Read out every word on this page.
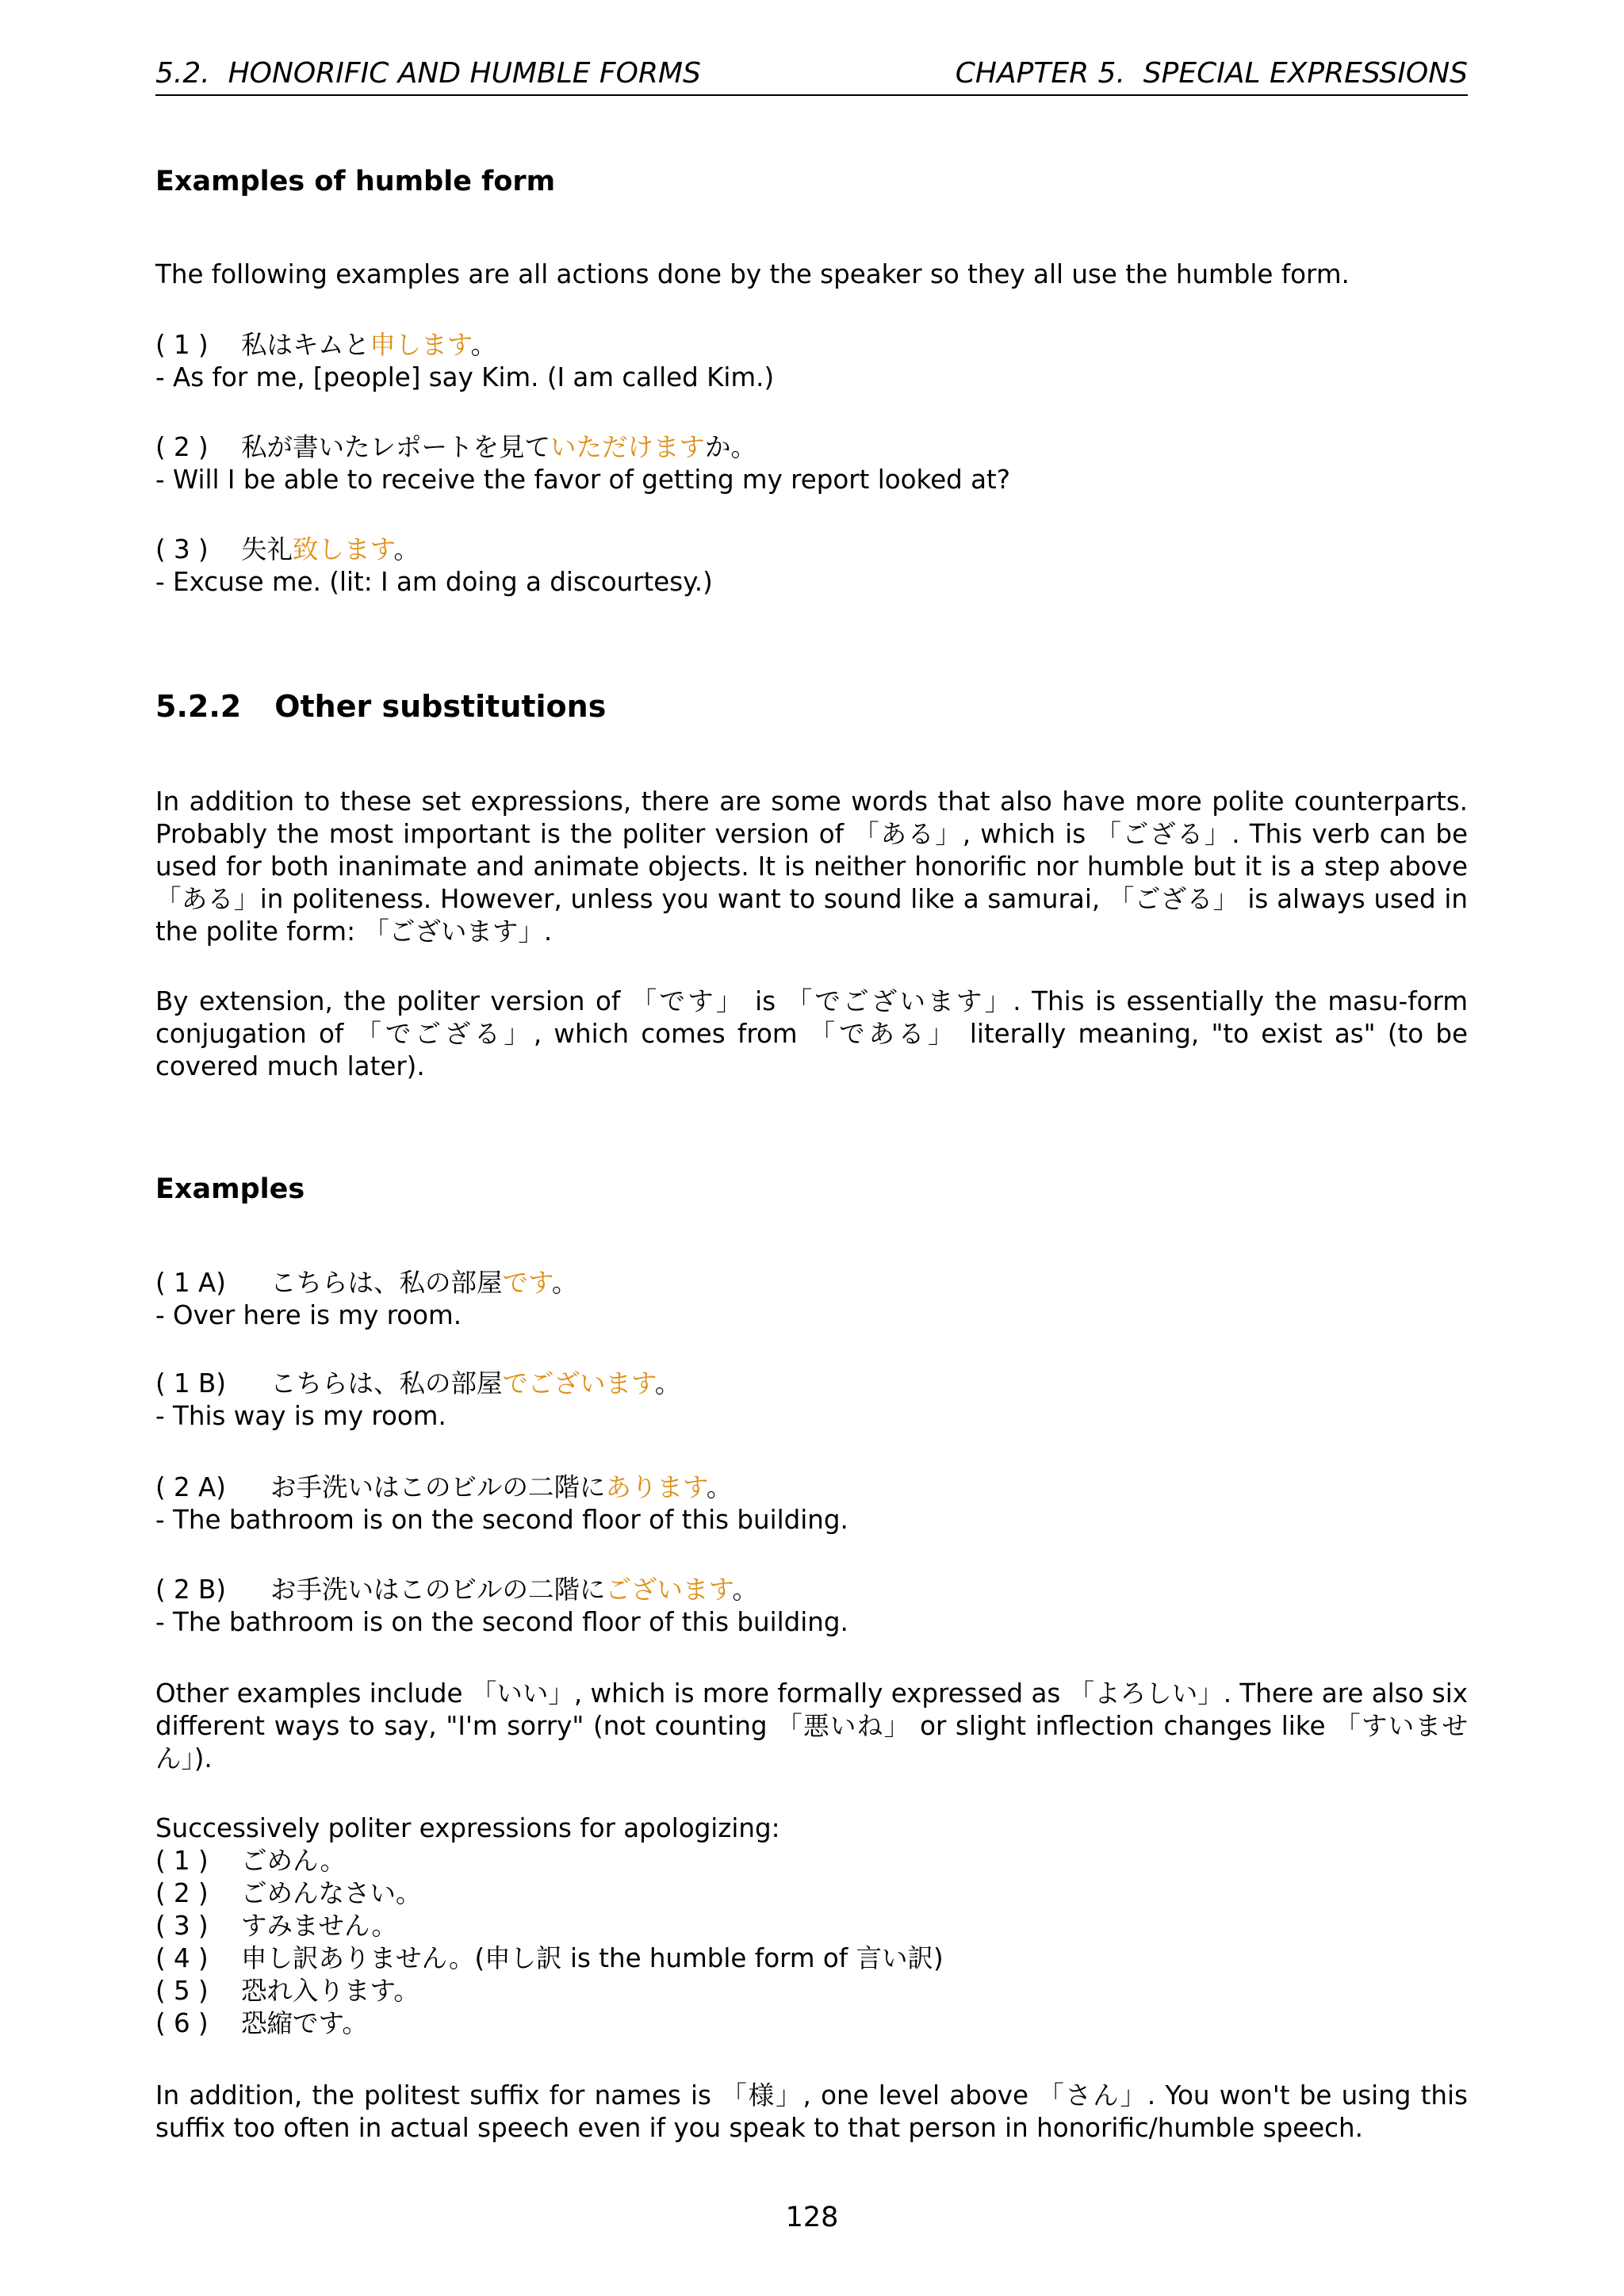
5.2.  HONORIFIC AND HUMBLE FORMS	CHAPTER 5.  SPECIAL EXPRESSIONS
Examples of humble form

The following examples are all actions done by the speaker so they all use the humble form.

( 1 ) 私はキムと申します。
- As for me, [people] say Kim. (I am called Kim.)
( 2 ) 私が書いたレポートを見ていただけますか。
- Will I be able to receive the favor of getting my report looked at?
( 3 ) 失礼致します。
- Excuse me. (lit: I am doing a discourtesy.)
5.2.2 Other substitutions

In addition to these set expressions, there are some words that also have more polite counterparts. Probably the most important is the politer version of 「ある」, which is 「ござる」. This verb can be used for both inanimate and animate objects. It is neither honorific nor humble but it is a step above「ある」in politeness. However, unless you want to sound like a samurai, 「ござる」 is always used in the polite form: 「ございます」.

By extension, the politer version of 「です」 is 「でございます」. This is essentially the masu-form conjugation of 「でござる」, which comes from 「である」 literally meaning, "to exist as" (to be covered much later).

Examples
( 1 A) こちらは、私の部屋です。
- Over here is my room.
( 1 B) こちらは、私の部屋でございます。
- This way is my room.
( 2 A) お手洗いはこのビルの二階にあります。
- The bathroom is on the second floor of this building.
( 2 B) お手洗いはこのビルの二階にございます。
- The bathroom is on the second floor of this building.

Other examples include 「いい」, which is more formally expressed as 「よろしい」. There are also six different ways to say, "I'm sorry" (not counting 「悪いね」 or slight inflection changes like 「すいません」).

Successively politer expressions for apologizing:
( 1 ) ごめん。
( 2 ) ごめんなさい。
( 3 ) すみません。
( 4 ) 申し訳ありません。(申し訳 is the humble form of 言い訳)
( 5 ) 恐れ入ります。
( 6 ) 恐縮です。

In addition, the politest suffix for names is 「様」, one level above 「さん」. You won't be using this suffix too often in actual speech even if you speak to that person in honorific/humble speech.

128
